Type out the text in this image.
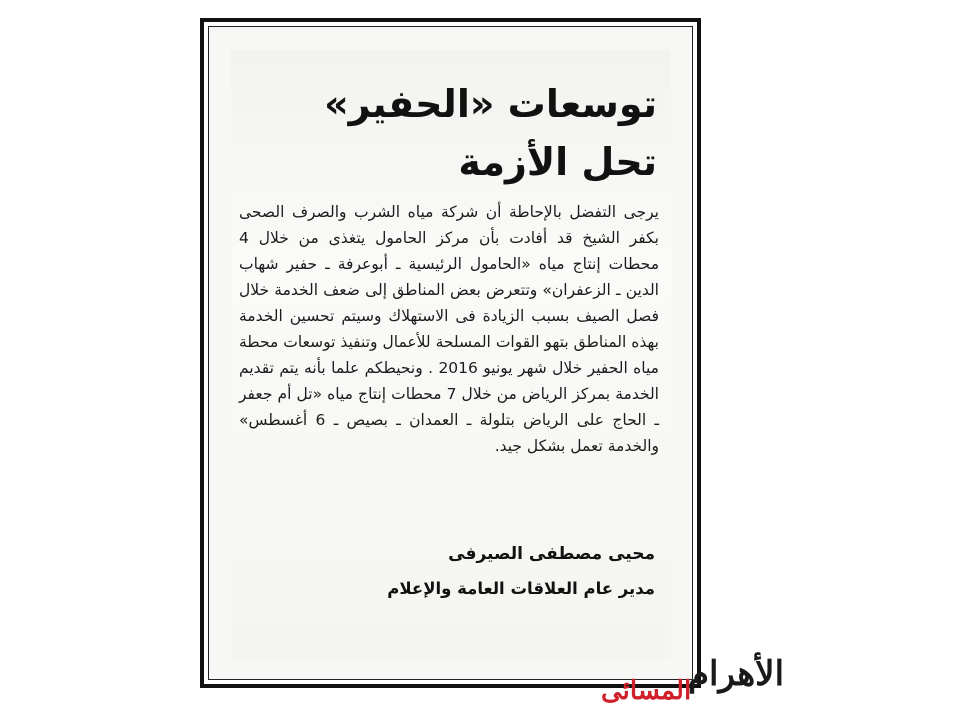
توسعات «الحفير»
تحل الأزمة

يرجى التفضل بالإحاطة أن شركة مياه الشرب والصرف الصحى بكفر الشيخ قد أفادت بأن مركز الحامول يتغذى من خلال 4 محطات إنتاج مياه «الحامول الرئيسية ـ أبوعرفة ـ حفير شهاب الدين ـ الزعفران» وتتعرض بعض المناطق إلى ضعف الخدمة خلال فصل الصيف بسبب الزيادة فى الاستهلاك وسيتم تحسين الخدمة بهذه المناطق بتهو القوات المسلحة للأعمال وتنفيذ توسعات محطة مياه الحفير خلال شهر يونيو 2016 . ونحيطكم علما بأنه يتم تقديم الخدمة بمركز الرياض من خلال 7 محطات إنتاج مياه «تل أم جعفر ـ الحاج على الرياض بتلولة ـ العمدان ـ بصيص ـ 6 أغسطس» والخدمة تعمل بشكل جيد.

محيى مصطفى الصيرفى

مدير عام العلاقات العامة والإعلام

الأهرام
المسائى
